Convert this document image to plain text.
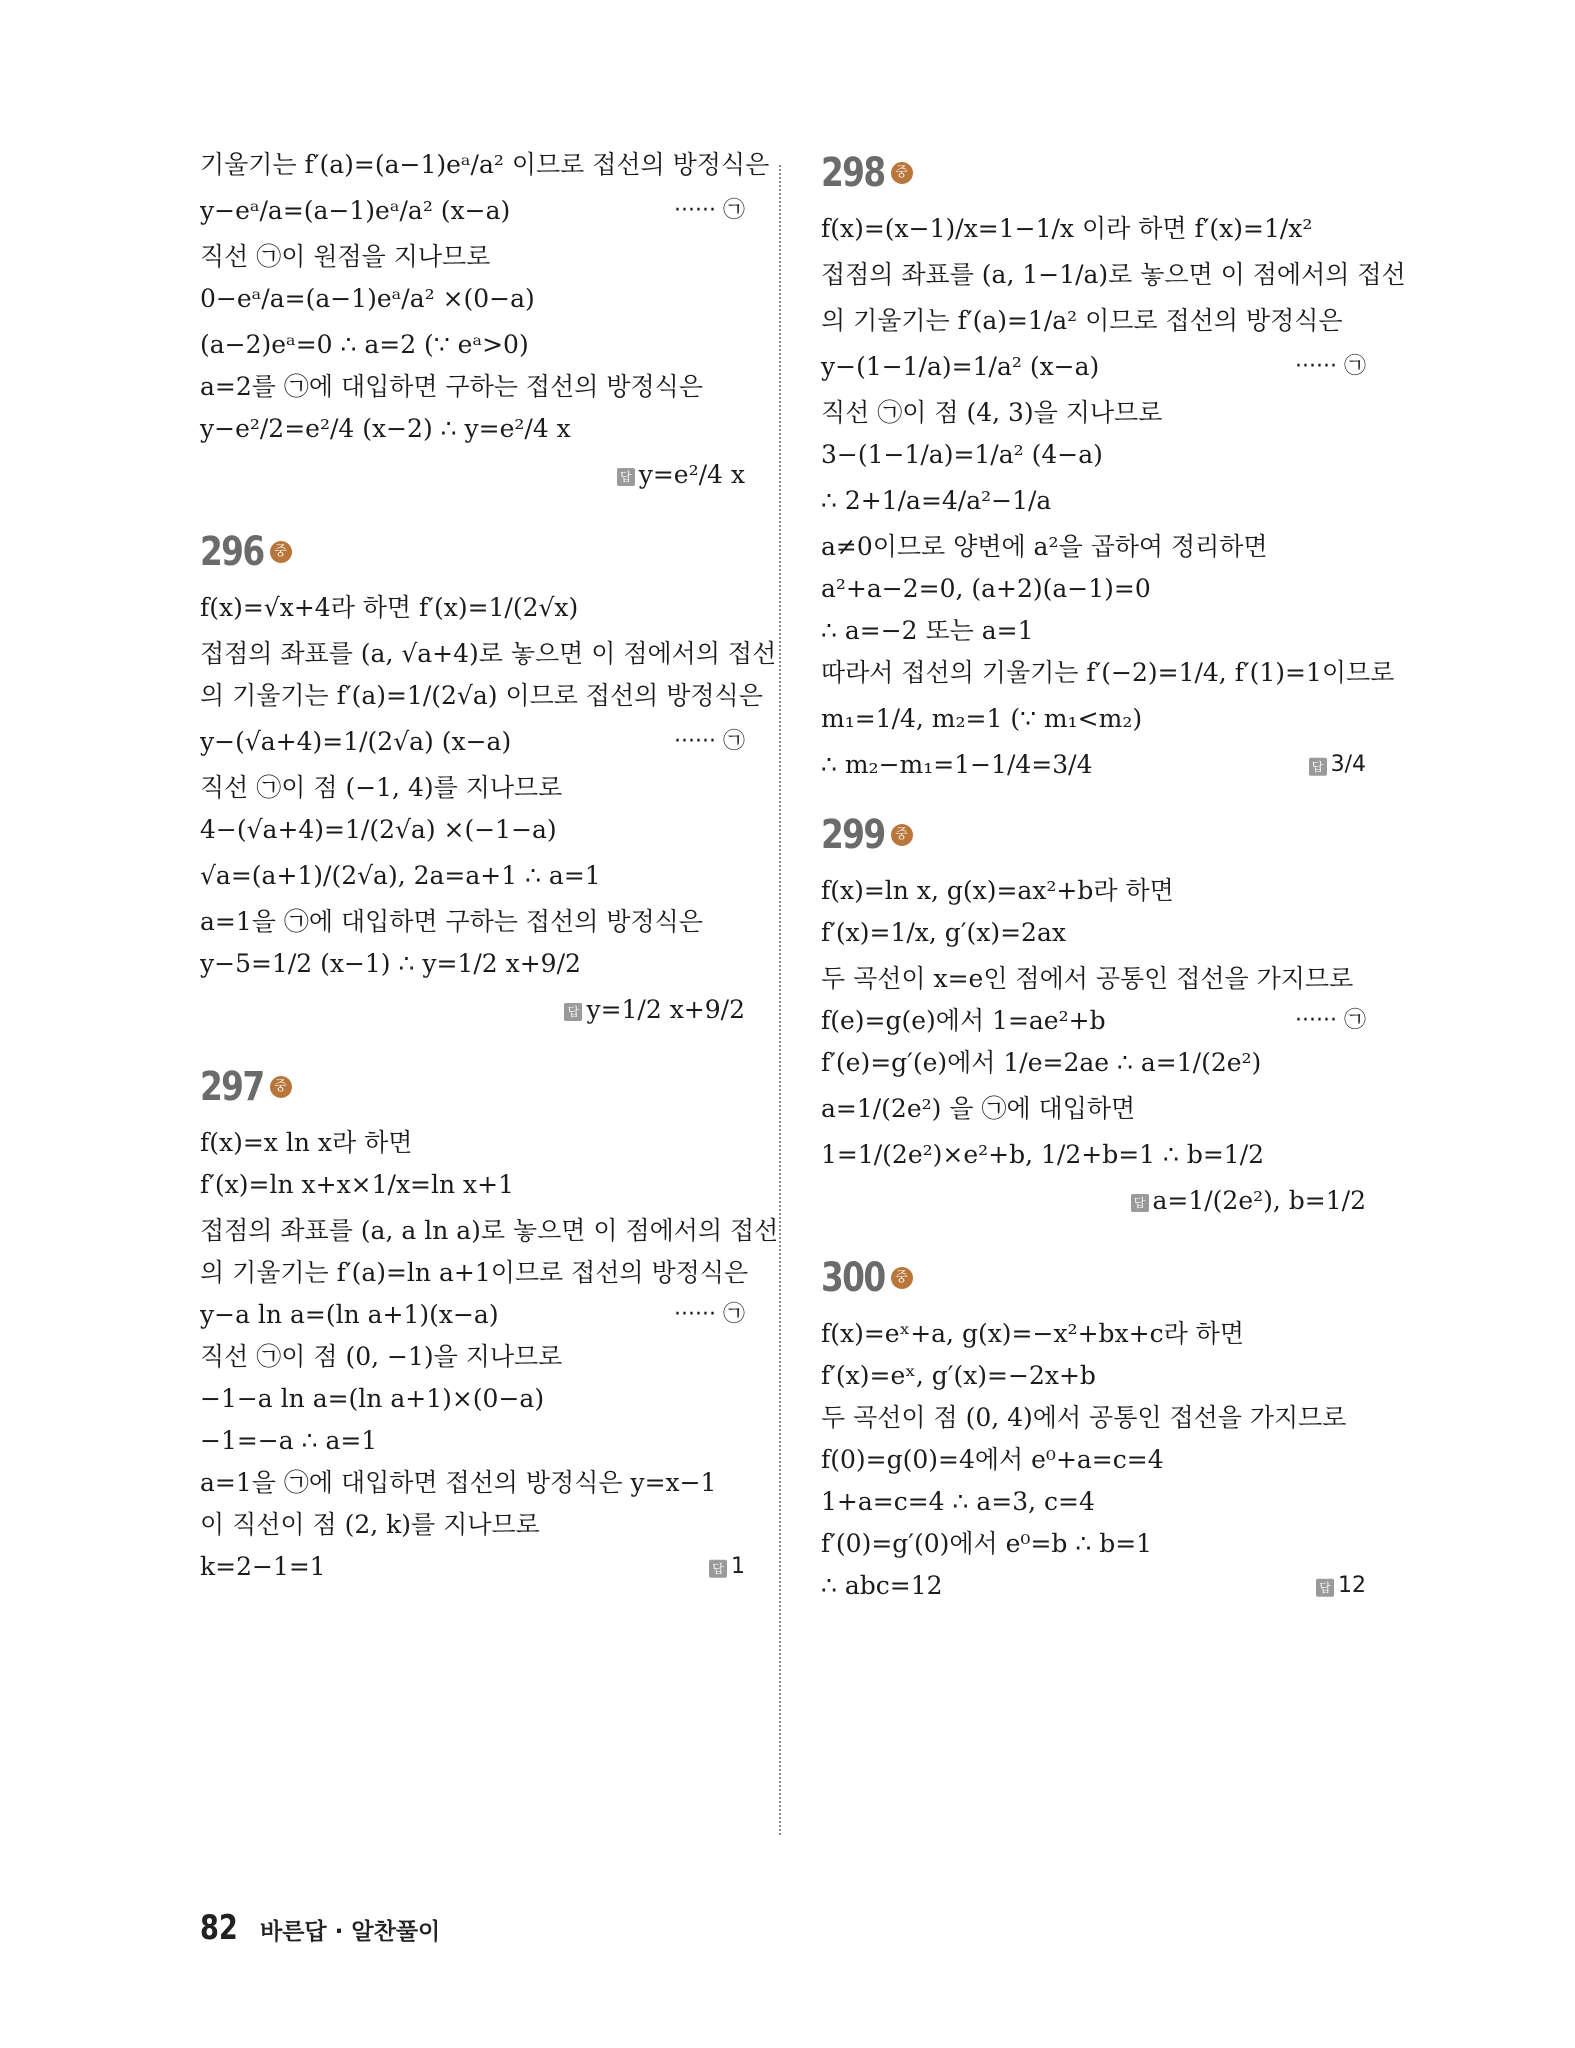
기울기는 f′(a)=(a−1)eᵃ/a² 이므로 접선의 방정식은
y−eᵃ/a=(a−1)eᵃ/a² (x−a)	······ ㉠
직선 ㉠이 원점을 지나므로
0−eᵃ/a=(a−1)eᵃ/a² ×(0−a)
(a−2)eᵃ=0 ∴ a=2 (∵ eᵃ>0)
a=2를 ㉠에 대입하면 구하는 접선의 방정식은
y−e²/2=e²/4 (x−2) ∴ y=e²/4 x
답 y=e²/4 x
296 중
f(x)=√x+4라 하면 f′(x)=1/(2√x)
접점의 좌표를 (a, √a+4)로 놓으면 이 점에서의 접선
의 기울기는 f′(a)=1/(2√a) 이므로 접선의 방정식은
y−(√a+4)=1/(2√a) (x−a)	······ ㉠
직선 ㉠이 점 (−1, 4)를 지나므로
4−(√a+4)=1/(2√a) ×(−1−a)
√a=(a+1)/(2√a), 2a=a+1 ∴ a=1
a=1을 ㉠에 대입하면 구하는 접선의 방정식은
y−5=1/2 (x−1) ∴ y=1/2 x+9/2
답 y=1/2 x+9/2
297 중
f(x)=x ln x라 하면
f′(x)=ln x+x×1/x=ln x+1
접점의 좌표를 (a, a ln a)로 놓으면 이 점에서의 접선
의 기울기는 f′(a)=ln a+1이므로 접선의 방정식은
y−a ln a=(ln a+1)(x−a)	······ ㉠
직선 ㉠이 점 (0, −1)을 지나므로
−1−a ln a=(ln a+1)×(0−a)
−1=−a ∴ a=1
a=1을 ㉠에 대입하면 접선의 방정식은 y=x−1
이 직선이 점 (2, k)를 지나므로
k=2−1=1	답 1
298 중
f(x)=(x−1)/x=1−1/x 이라 하면 f′(x)=1/x²
접점의 좌표를 (a, 1−1/a)로 놓으면 이 점에서의 접선
의 기울기는 f′(a)=1/a² 이므로 접선의 방정식은
y−(1−1/a)=1/a² (x−a)	······ ㉠
직선 ㉠이 점 (4, 3)을 지나므로
3−(1−1/a)=1/a² (4−a)
∴ 2+1/a=4/a²−1/a
a≠0이므로 양변에 a²을 곱하여 정리하면
a²+a−2=0, (a+2)(a−1)=0
∴ a=−2 또는 a=1
따라서 접선의 기울기는 f′(−2)=1/4, f′(1)=1이므로
m₁=1/4, m₂=1 (∵ m₁<m₂)
∴ m₂−m₁=1−1/4=3/4	답 3/4
299 중
f(x)=ln x, g(x)=ax²+b라 하면
f′(x)=1/x, g′(x)=2ax
두 곡선이 x=e인 점에서 공통인 접선을 가지므로
f(e)=g(e)에서 1=ae²+b	······ ㉠
f′(e)=g′(e)에서 1/e=2ae ∴ a=1/(2e²)
a=1/(2e²) 을 ㉠에 대입하면
1=1/(2e²)×e²+b, 1/2+b=1 ∴ b=1/2
답 a=1/(2e²), b=1/2
300 중
f(x)=eˣ+a, g(x)=−x²+bx+c라 하면
f′(x)=eˣ, g′(x)=−2x+b
두 곡선이 점 (0, 4)에서 공통인 접선을 가지므로
f(0)=g(0)=4에서 e⁰+a=c=4
1+a=c=4 ∴ a=3, c=4
f′(0)=g′(0)에서 e⁰=b ∴ b=1
∴ abc=12	답 12
82 바른답 · 알찬풀이
